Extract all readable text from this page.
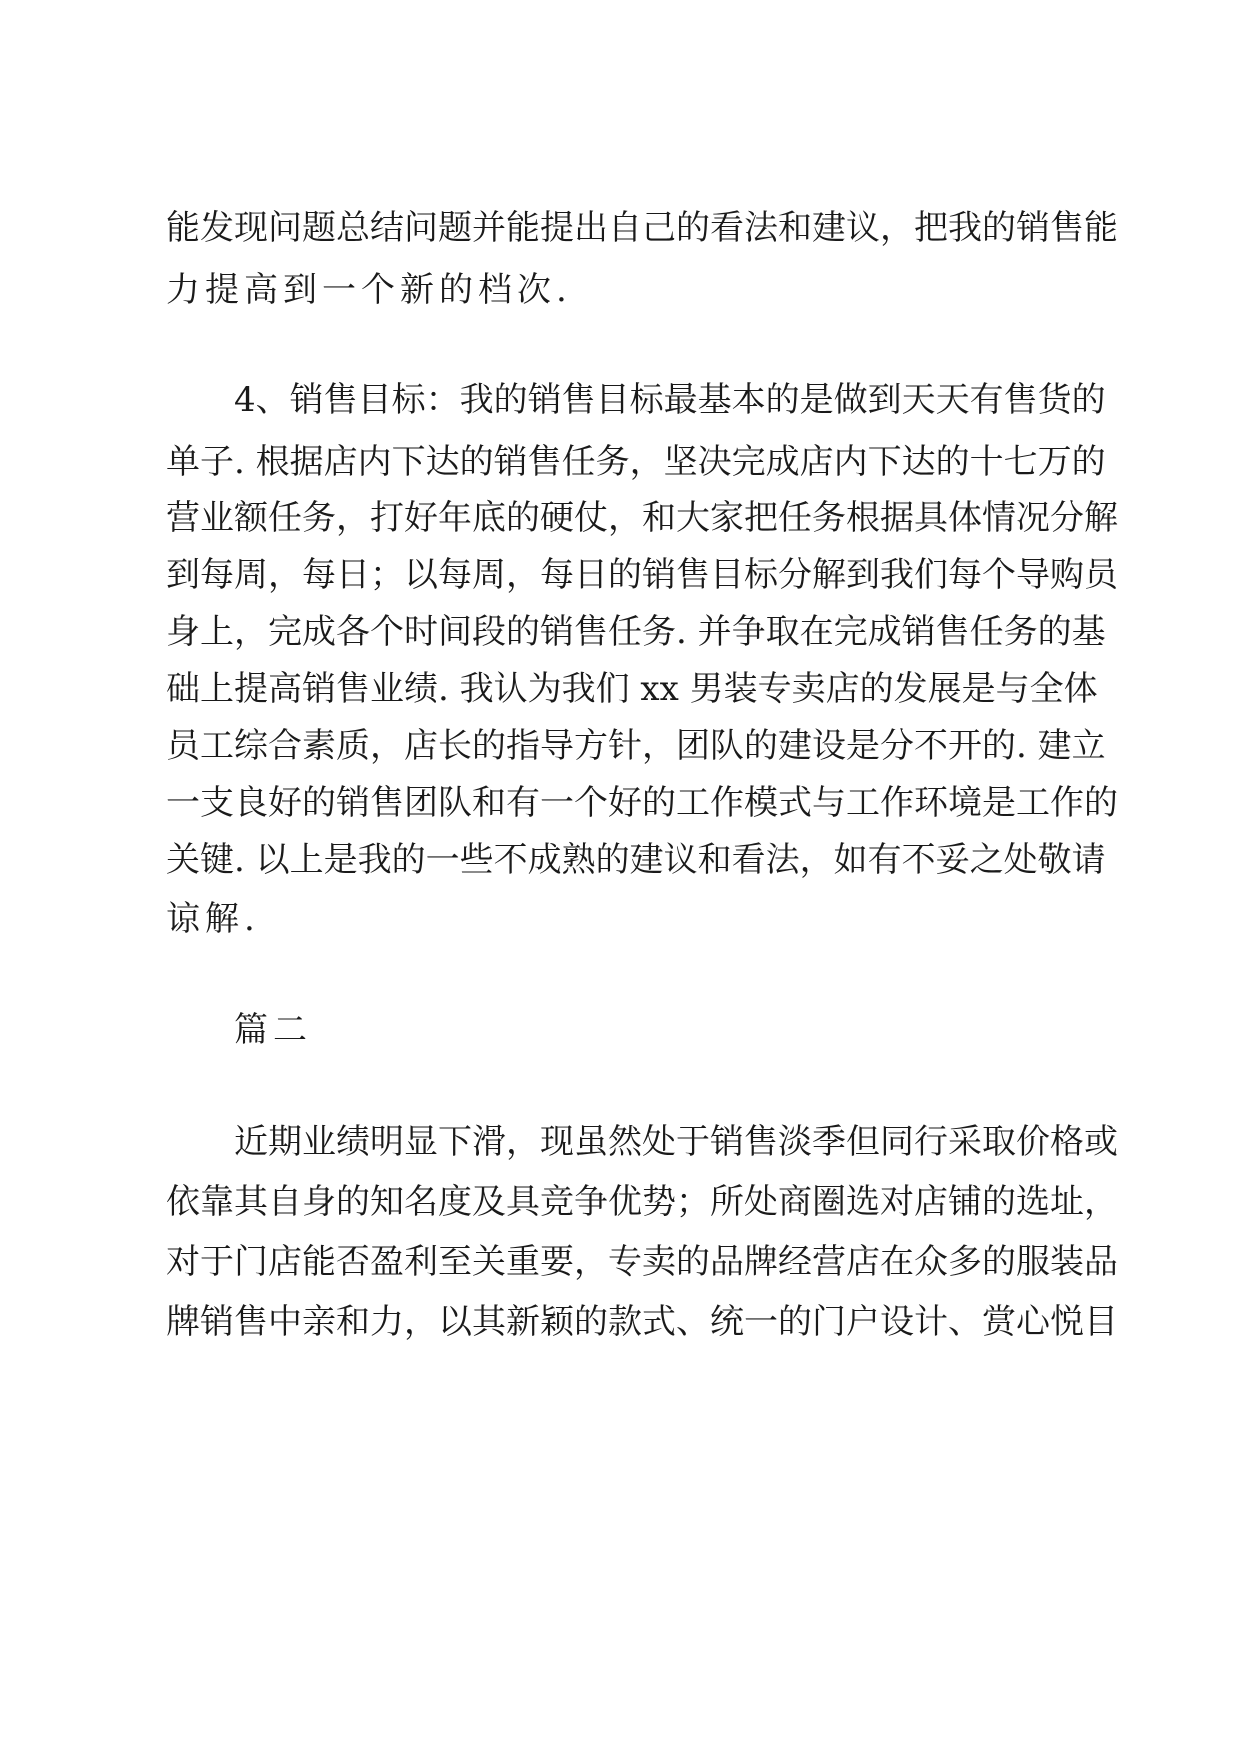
能发现问题总结问题并能提出自己的看法和建议，把我的销售能
力提高到一个新的档次.
4、销售目标：我的销售目标最基本的是做到天天有售货的
单子. 根据店内下达的销售任务，坚决完成店内下达的十七万的
营业额任务，打好年底的硬仗，和大家把任务根据具体情况分解
到每周，每日；以每周，每日的销售目标分解到我们每个导购员
身上，完成各个时间段的销售任务. 并争取在完成销售任务的基
础上提高销售业绩. 我认为我们 xx 男装专卖店的发展是与全体
员工综合素质，店长的指导方针，团队的建设是分不开的. 建立
一支良好的销售团队和有一个好的工作模式与工作环境是工作的
关键. 以上是我的一些不成熟的建议和看法，如有不妥之处敬请
谅解.
篇二
近期业绩明显下滑，现虽然处于销售淡季但同行采取价格或
依靠其自身的知名度及具竞争优势；所处商圈选对店铺的选址，
对于门店能否盈利至关重要，专卖的品牌经营店在众多的服装品
牌销售中亲和力，以其新颖的款式、统一的门户设计、赏心悦目
